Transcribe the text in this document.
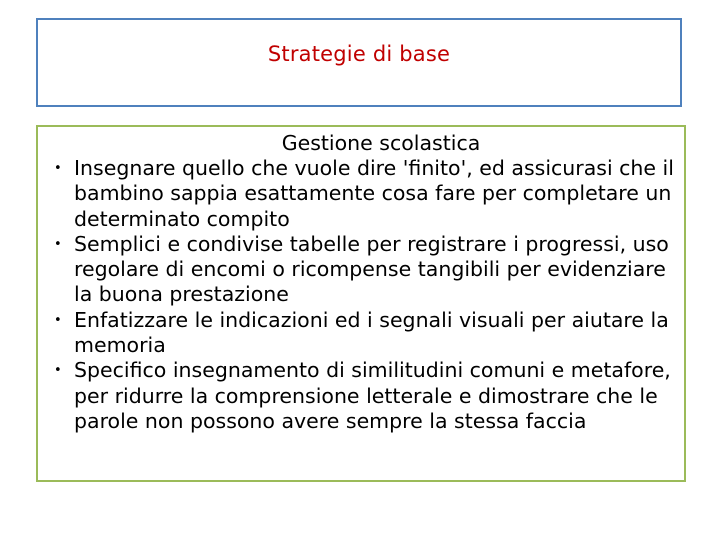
Strategie di base
Gestione scolastica
• Insegnare quello che vuole dire 'finito', ed assicurasi che il bambino sappia esattamente cosa fare per completare un determinato compito
• Semplici e condivise tabelle per registrare i progressi, uso regolare di encomi o ricompense tangibili per evidenziare la buona prestazione
• Enfatizzare le indicazioni ed i segnali visuali per aiutare la memoria
• Specifico insegnamento di similitudini comuni e metafore, per ridurre la comprensione letterale e dimostrare che le parole non possono avere sempre la stessa faccia
